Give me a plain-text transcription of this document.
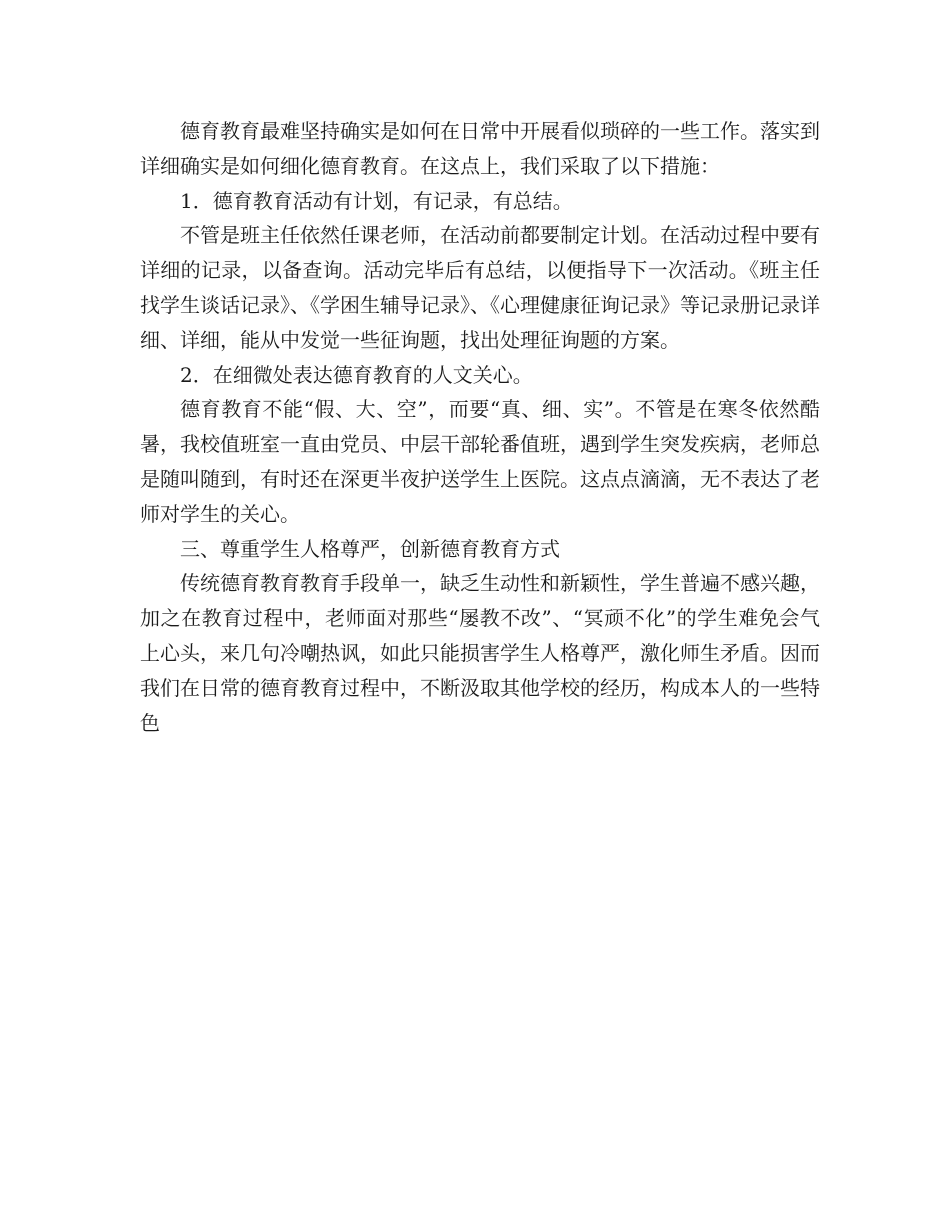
德育教育最难坚持确实是如何在日常中开展看似琐碎的一些工作。落实到详细确实是如何细化德育教育。在这点上，我们采取了以下措施：

1．德育教育活动有计划，有记录，有总结。

不管是班主任依然任课老师，在活动前都要制定计划。在活动过程中要有详细的记录，以备查询。活动完毕后有总结，以便指导下一次活动。《班主任找学生谈话记录》、《学困生辅导记录》、《心理健康征询记录》等记录册记录详细、详细，能从中发觉一些征询题，找出处理征询题的方案。

2．在细微处表达德育教育的人文关心。

德育教育不能“假、大、空”，而要“真、细、实”。不管是在寒冬依然酷暑，我校值班室一直由党员、中层干部轮番值班，遇到学生突发疾病，老师总是随叫随到，有时还在深更半夜护送学生上医院。这点点滴滴，无不表达了老师对学生的关心。

三、尊重学生人格尊严，创新德育教育方式

传统德育教育教育手段单一，缺乏生动性和新颖性，学生普遍不感兴趣，加之在教育过程中，老师面对那些“屡教不改”、“冥顽不化”的学生难免会气上心头，来几句冷嘲热讽，如此只能损害学生人格尊严，激化师生矛盾。因而我们在日常的德育教育过程中，不断汲取其他学校的经历，构成本人的一些特色
